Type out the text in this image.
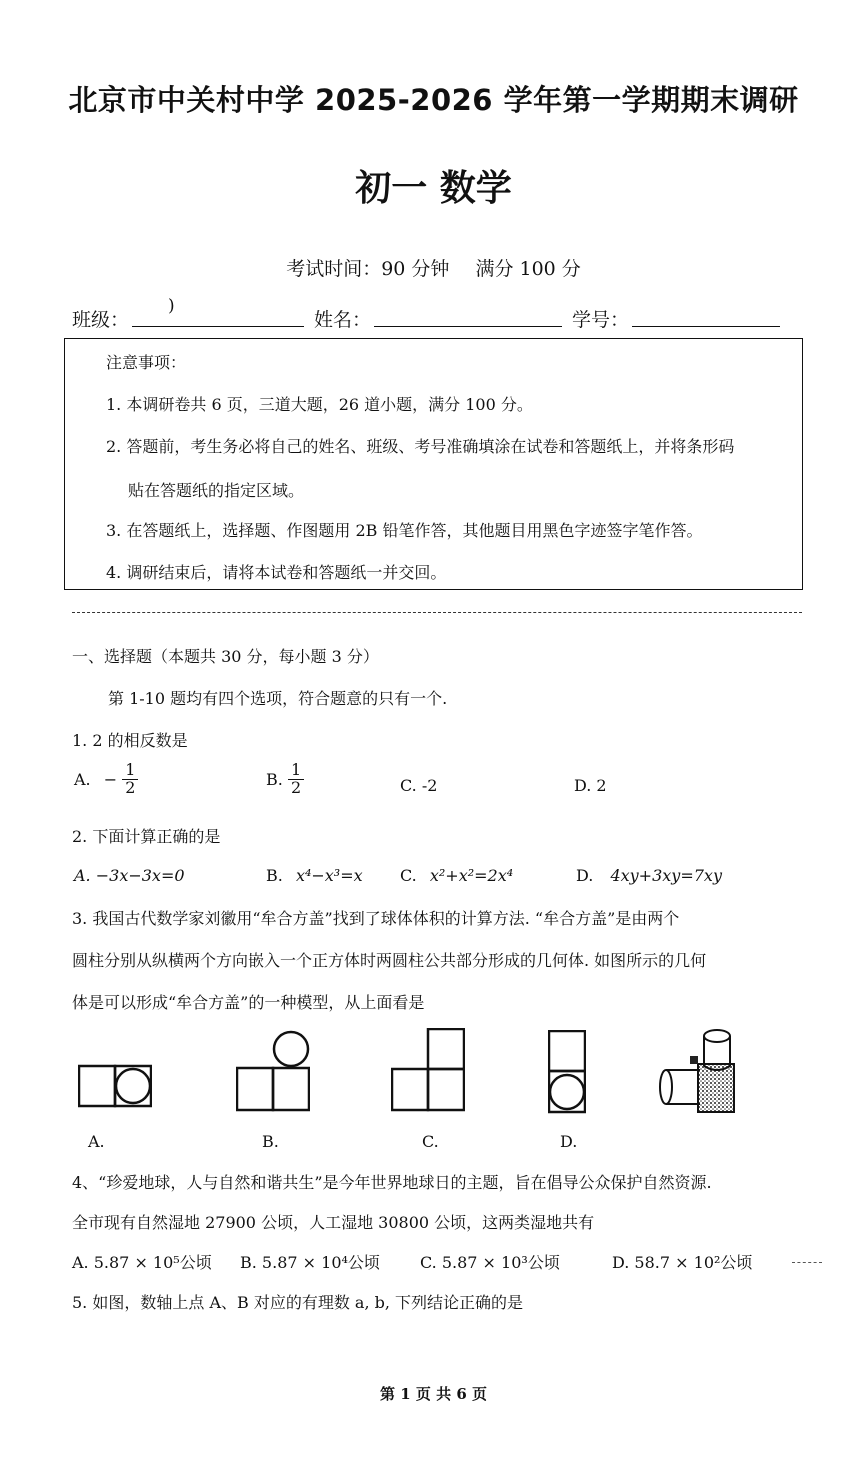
北京市中关村中学 2025-2026 学年第一学期期末调研
初一 数学
考试时间：90 分钟 满分 100 分
班级：
)
姓名：	学号：
注意事项：
1. 本调研卷共 6 页，三道大题，26 道小题，满分 100 分。
2. 答题前，考生务必将自己的姓名、班级、考号准确填涂在试卷和答题纸上，并将条形码
贴在答题纸的指定区域。
3. 在答题纸上，选择题、作图题用 2B 铅笔作答，其他题目用黑色字迹签字笔作答。
4. 调研结束后，请将本试卷和答题纸一并交回。
一、选择题（本题共 30 分，每小题 3 分）
第 1-10 题均有四个选项，符合题意的只有一个.
1. 2 的相反数是
A. − $\frac{1}{2}$	B. $\frac{1}{2}$	C. -2	D. 2
2. 下面计算正确的是
A. −3x−3x=0	B. x⁴−x³=x C. x²+x²=2x⁴	D. 4xy+3xy=7xy
3. 我国古代数学家刘徽用“牟合方盖”找到了球体体积的计算方法. “牟合方盖”是由两个
圆柱分别从纵横两个方向嵌入一个正方体时两圆柱公共部分形成的几何体. 如图所示的几何
体是可以形成“牟合方盖”的一种模型，从上面看是
A.	B.	C.	D.
4、“珍爱地球，人与自然和谐共生”是今年世界地球日的主题，旨在倡导公众保护自然资源.
全市现有自然湿地 27900 公顷，人工湿地 30800 公顷，这两类湿地共有
A. 5.87 × 10⁵公顷 B. 5.87 × 10⁴公顷	C. 5.87 × 10³公顷	D. 58.7 × 10²公顷
5. 如图，数轴上点 A、B 对应的有理数 a, b, 下列结论正确的是
第 1 页 共 6 页
